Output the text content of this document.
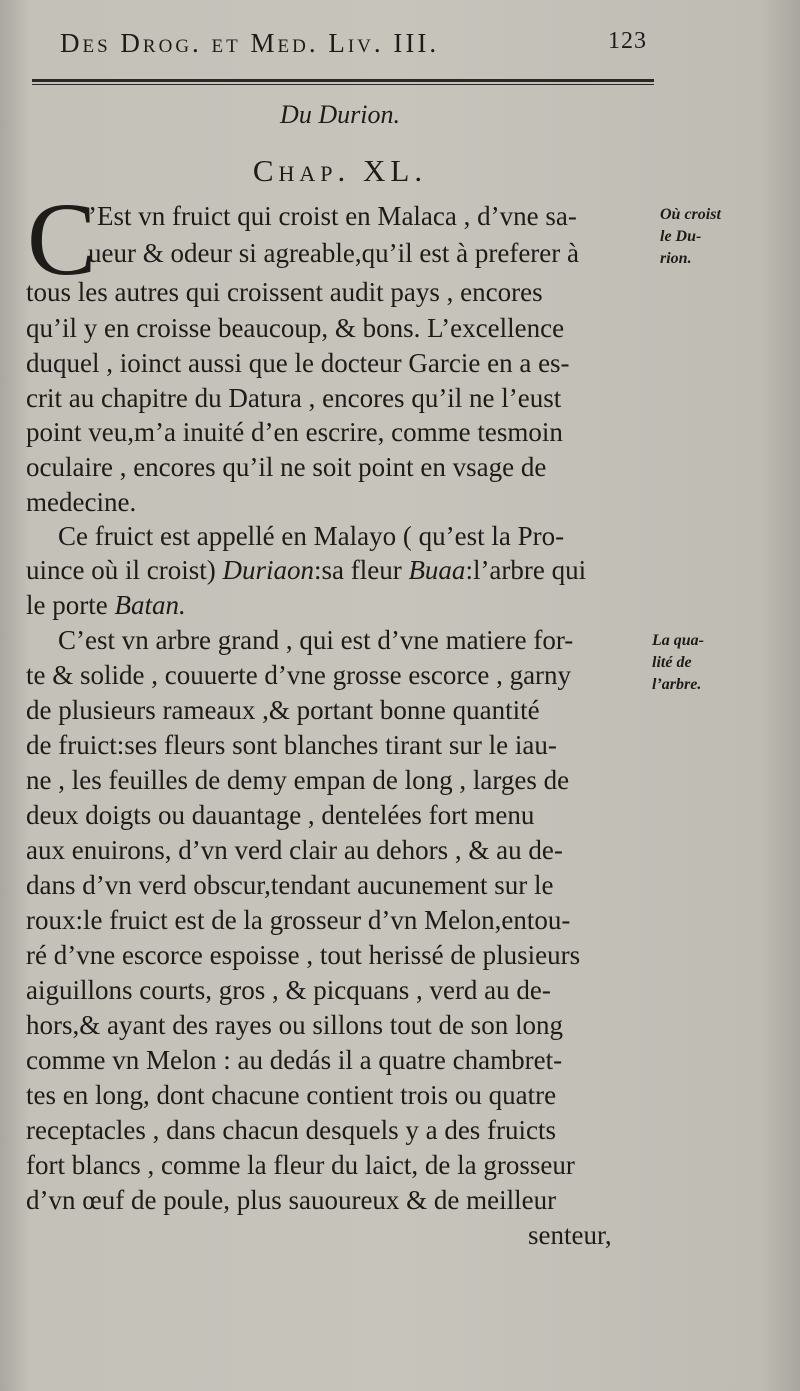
Des Drog. et Med. Liv. III.	123
Du Durion.
Chap. XL.
C
’Est vn fruict qui croist en Malaca , d’vne sa-
ueur & odeur si agreable,qu’il est à preferer à
tous les autres qui croissent audit pays , encores
qu’il y en croisse beaucoup, & bons. L’excellence
duquel , ioinct aussi que le docteur Garcie en a es-
crit au chapitre du Datura , encores qu’il ne l’eust
point veu,m’a inuité d’en escrire, comme tesmoin
oculaire , encores qu’il ne soit point en vsage de
medecine.
Ce fruict est appellé en Malayo ( qu’est la Pro-
uince où il croist) Duriaon:sa fleur Buaa:l’arbre qui
le porte Batan.
C’est vn arbre grand , qui est d’vne matiere for-
te & solide , couuerte d’vne grosse escorce , garny
de plusieurs rameaux ,& portant bonne quantité
de fruict:ses fleurs sont blanches tirant sur le iau-
ne , les feuilles de demy empan de long , larges de
deux doigts ou dauantage , dentelées fort menu
aux enuirons, d’vn verd clair au dehors , & au de-
dans d’vn verd obscur,tendant aucunement sur le
roux:le fruict est de la grosseur d’vn Melon,entou-
ré d’vne escorce espoisse , tout herissé de plusieurs
aiguillons courts, gros , & picquans , verd au de-
hors,& ayant des rayes ou sillons tout de son long
comme vn Melon : au dedás il a quatre chambret-
tes en long, dont chacune contient trois ou quatre
receptacles , dans chacun desquels y a des fruicts
fort blancs , comme la fleur du laict, de la grosseur
d’vn œuf de poule, plus sauoureux & de meilleur
senteur,
Où croist
le Du-
rion.
La qua-
lité de
l’arbre.
